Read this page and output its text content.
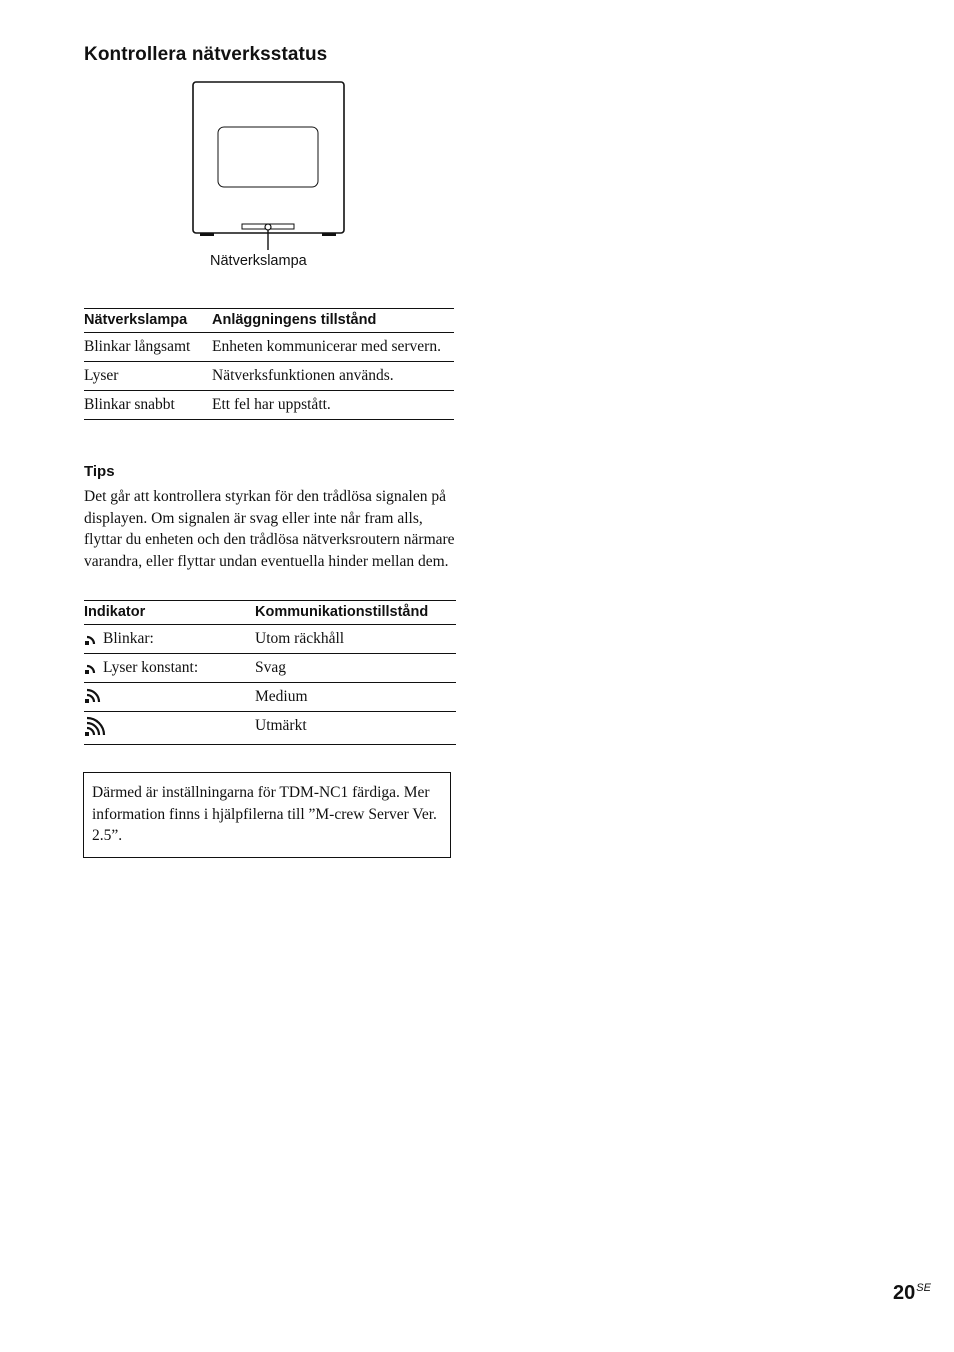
Kontrollera nätverksstatus
Nätverkslampa
Nätverkslampa	Anläggningens tillstånd
Blinkar långsamt	Enheten kommunicerar med servern.
Lyser	Nätverksfunktionen används.
Blinkar snabbt	Ett fel har uppstått.
Tips

Det går att kontrollera styrkan för den trådlösa signalen på displayen. Om signalen är svag eller inte når fram alls, flyttar du enheten och den trådlösa nätverksroutern närmare varandra, eller flyttar undan eventuella hinder mellan dem.

Indikator	Kommunikationstillstånd
Blinkar:	Utom räckhåll
Lyser konstant:	Svag
	Medium
	Utmärkt
Därmed är inställningarna för TDM-NC1 färdiga. Mer information finns i hjälpfilerna till ”M-crew Server Ver. 2.5”.
$20^{SE}$
